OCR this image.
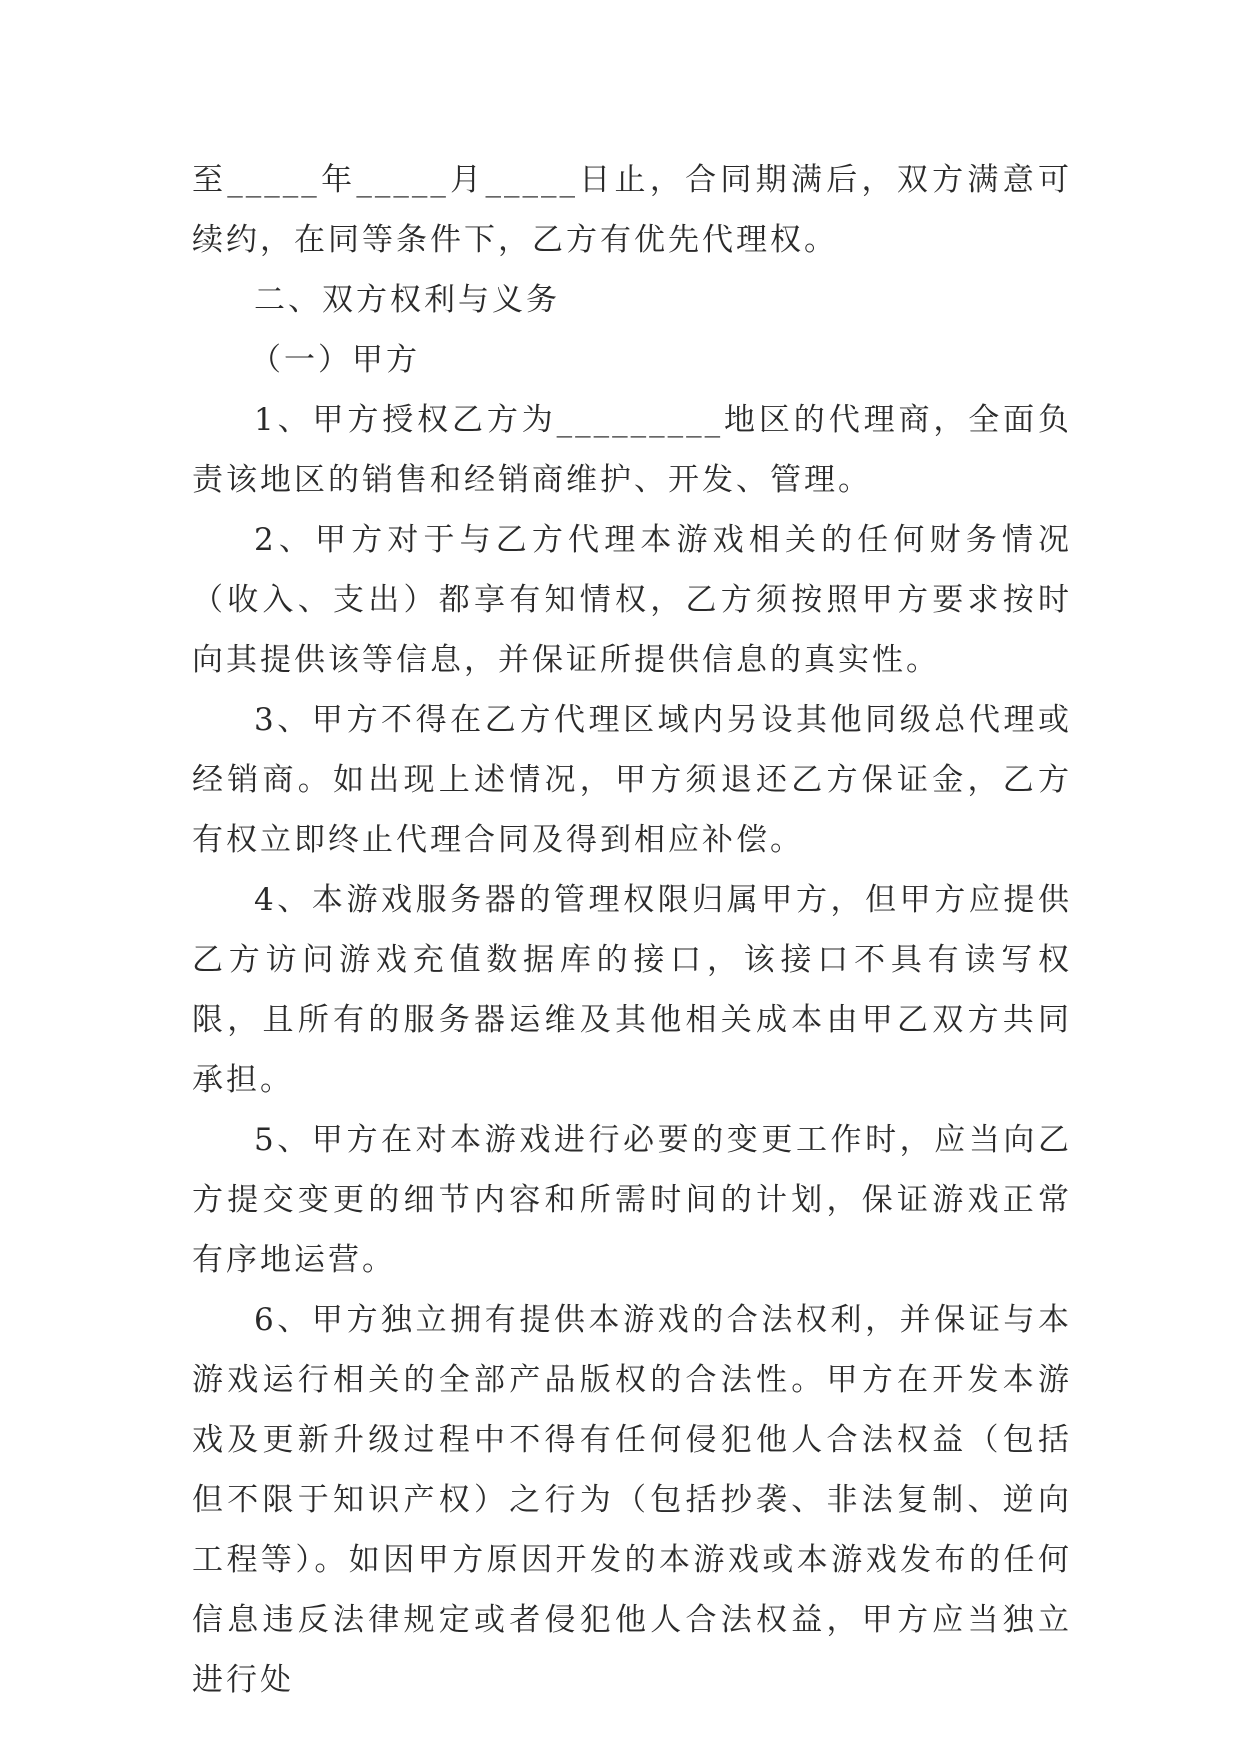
至_____年_____月_____日止，合同期满后，双方满意可续约，在同等条件下，乙方有优先代理权。

二、双方权利与义务

（一）甲方

1、甲方授权乙方为_________地区的代理商，全面负责该地区的销售和经销商维护、开发、管理。

2、甲方对于与乙方代理本游戏相关的任何财务情况（收入、支出）都享有知情权，乙方须按照甲方要求按时向其提供该等信息，并保证所提供信息的真实性。

3、甲方不得在乙方代理区域内另设其他同级总代理或经销商。如出现上述情况，甲方须退还乙方保证金，乙方有权立即终止代理合同及得到相应补偿。

4、本游戏服务器的管理权限归属甲方，但甲方应提供乙方访问游戏充值数据库的接口，该接口不具有读写权限，且所有的服务器运维及其他相关成本由甲乙双方共同承担。

5、甲方在对本游戏进行必要的变更工作时，应当向乙方提交变更的细节内容和所需时间的计划，保证游戏正常有序地运营。

6、甲方独立拥有提供本游戏的合法权利，并保证与本游戏运行相关的全部产品版权的合法性。甲方在开发本游戏及更新升级过程中不得有任何侵犯他人合法权益（包括但不限于知识产权）之行为（包括抄袭、非法复制、逆向工程等）。如因甲方原因开发的本游戏或本游戏发布的任何信息违反法律规定或者侵犯他人合法权益，甲方应当独立进行处
